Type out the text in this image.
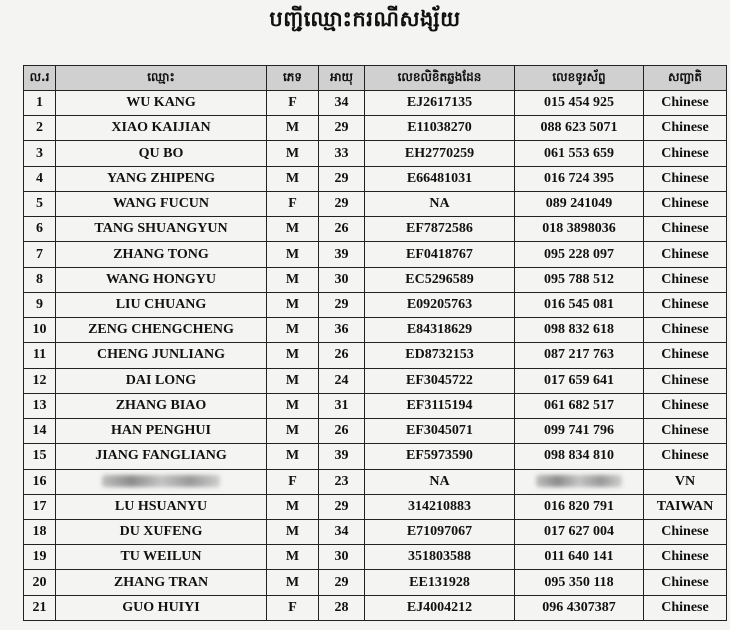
បញ្ជីឈ្មោះករណីសង្ស័យ
ល.រ	ឈ្មោះ	ភេទ	អាយុ	លេខលិខិតឆ្លងដែន	លេខទូរស័ព្ទ	សញ្ជាតិ
1	WU KANG	F	34	EJ2617135	015 454 925	Chinese
2	XIAO KAIJIAN	M	29	E11038270	088 623 5071	Chinese
3	QU BO	M	33	EH2770259	061 553 659	Chinese
4	YANG ZHIPENG	M	29	E66481031	016 724 395	Chinese
5	WANG FUCUN	F	29	NA	089 241049	Chinese
6	TANG SHUANGYUN	M	26	EF7872586	018 3898036	Chinese
7	ZHANG TONG	M	39	EF0418767	095 228 097	Chinese
8	WANG HONGYU	M	30	EC5296589	095 788 512	Chinese
9	LIU CHUANG	M	29	E09205763	016 545 081	Chinese
10	ZENG CHENGCHENG	M	36	E84318629	098 832 618	Chinese
11	CHENG JUNLIANG	M	26	ED8732153	087 217 763	Chinese
12	DAI LONG	M	24	EF3045722	017 659 641	Chinese
13	ZHANG BIAO	M	31	EF3115194	061 682 517	Chinese
14	HAN PENGHUI	M	26	EF3045071	099 741 796	Chinese
15	JIANG FANGLIANG	M	39	EF5973590	098 834 810	Chinese
16		F	23	NA		VN
17	LU HSUANYU	M	29	314210883	016 820 791	TAIWAN
18	DU XUFENG	M	34	E71097067	017 627 004	Chinese
19	TU WEILUN	M	30	351803588	011 640 141	Chinese
20	ZHANG TRAN	M	29	EE131928	095 350 118	Chinese
21	GUO HUIYI	F	28	EJ4004212	096 4307387	Chinese
